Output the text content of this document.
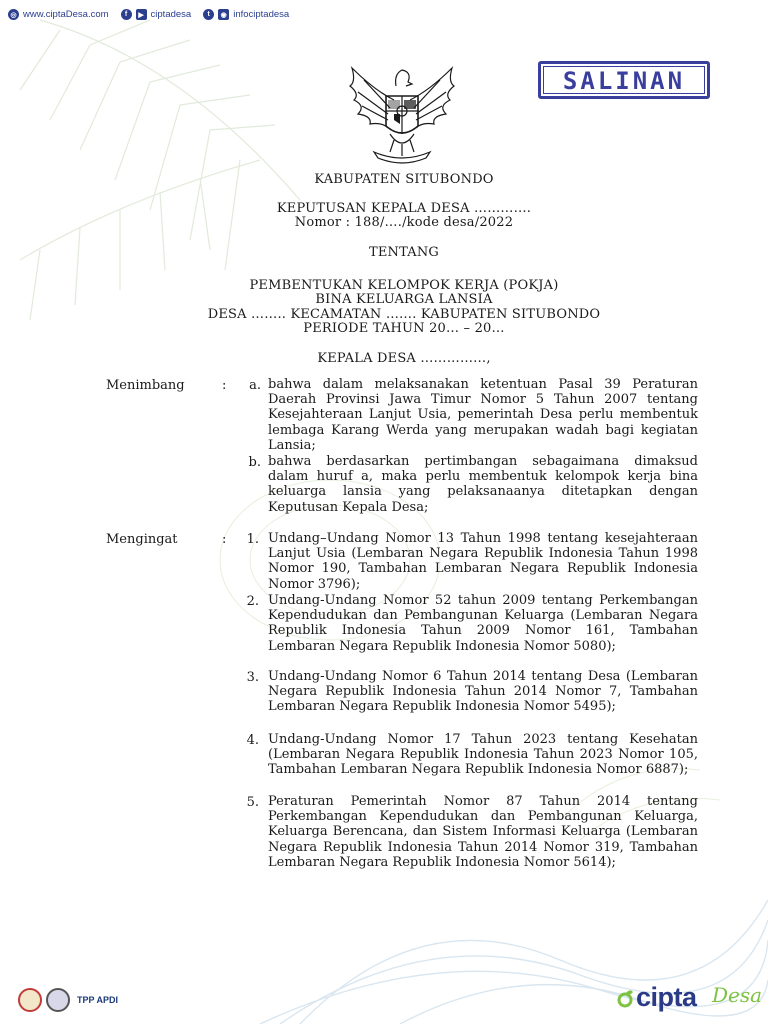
◎ www.ciptaDesa.com	f	▶ ciptadesa	t	◉ infociptadesa
SALINAN
KABUPATEN SITUBONDO
KEPUTUSAN KEPALA DESA ………….
Nomor : 188/…./kode desa/2022
TENTANG
PEMBENTUKAN KELOMPOK KERJA (POKJA)
BINA KELUARGA LANSIA
DESA …….. KECAMATAN ……. KABUPATEN SITUBONDO
PERIODE TAHUN 20… – 20…
KEPALA DESA ……………,
Menimbang	:	a. bahwa dalam melaksanakan ketentuan Pasal 39 Peraturan Daerah Provinsi Jawa Timur Nomor 5 Tahun 2007 tentang Kesejahteraan Lanjut Usia, pemerintah Desa perlu membentuk lembaga Karang Werda yang merupakan wadah bagi kegiatan Lansia;
b. bahwa berdasarkan pertimbangan sebagaimana dimaksud dalam huruf a, maka perlu membentuk kelompok kerja bina keluarga lansia yang pelaksanaanya ditetapkan dengan Keputusan Kepala Desa;
Mengingat	:	1. Undang–Undang Nomor 13 Tahun 1998 tentang kesejahteraan Lanjut Usia (Lembaran Negara Republik Indonesia Tahun 1998 Nomor 190, Tambahan Lembaran Negara Republik Indonesia Nomor 3796);
2. Undang-Undang Nomor 52 tahun 2009 tentang Perkembangan Kependudukan dan Pembangunan Keluarga (Lembaran Negara Republik Indonesia Tahun 2009 Nomor 161, Tambahan Lembaran Negara Republik Indonesia Nomor 5080);
3. Undang-Undang Nomor 6 Tahun 2014 tentang Desa (Lembaran Negara Republik Indonesia Tahun 2014 Nomor 7, Tambahan Lembaran Negara Republik Indonesia Nomor 5495);
4. Undang-Undang Nomor 17 Tahun 2023 tentang Kesehatan (Lembaran Negara Republik Indonesia Tahun 2023 Nomor 105, Tambahan Lembaran Negara Republik Indonesia Nomor 6887);
5. Peraturan Pemerintah Nomor 87 Tahun 2014 tentang Perkembangan Kependudukan dan Pembangunan Keluarga, Keluarga Berencana, dan Sistem Informasi Keluarga (Lembaran Negara Republik Indonesia Tahun 2014 Nomor 319, Tambahan Lembaran Negara Republik Indonesia Nomor 5614);
TPP APDI	cipta Desa
